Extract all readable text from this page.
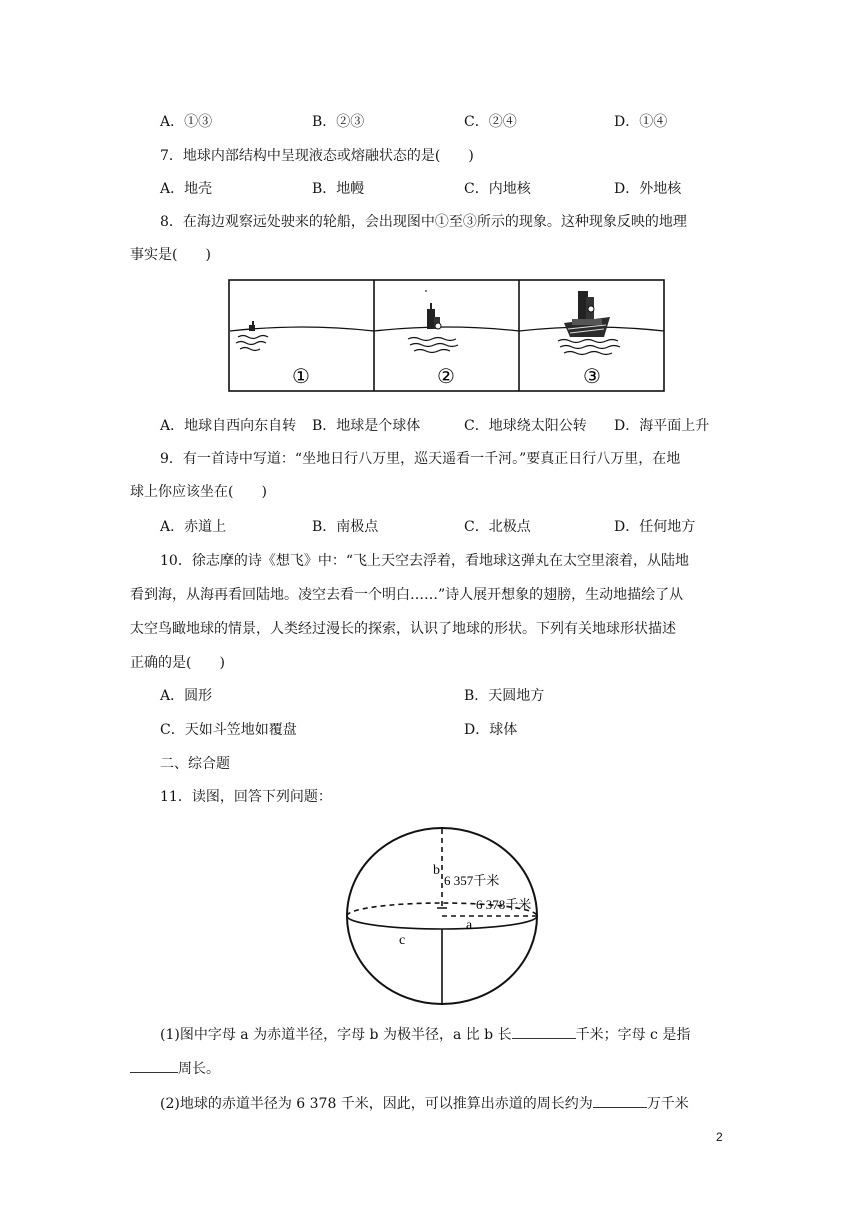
A．①③	B．②③	C．②④	D．①④
7．地球内部结构中呈现液态或熔融状态的是(　　)
A．地壳	B．地幔	C．内地核	D．外地核
8．在海边观察远处驶来的轮船，会出现图中①至③所示的现象。这种现象反映的地理
事实是(　　)
①	②	③
A．地球自西向东自转 B．地球是个球体	C．地球绕太阳公转 D．海平面上升
9．有一首诗中写道：“坐地日行八万里，巡天遥看一千河。”要真正日行八万里，在地
球上你应该坐在(　　)
A．赤道上	B．南极点	C．北极点	D．任何地方
10．徐志摩的诗《想飞》中：“飞上天空去浮着，看地球这弹丸在太空里滚着，从陆地
看到海，从海再看回陆地。凌空去看一个明白……”诗人展开想象的翅膀，生动地描绘了从
太空鸟瞰地球的情景，人类经过漫长的探索，认识了地球的形状。下列有关地球形状描述
正确的是(　　)
A．圆形	B．天圆地方
C．天如斗笠地如覆盘	D．球体
二、综合题
11．读图，回答下列问题：
b
6 357千米
6 378千米
a
c
(1)图中字母 a 为赤道半径，字母 b 为极半径，a 比 b 长	千米；字母 c 是指
周长。
(2)地球的赤道半径为 6 378 千米，因此，可以推算出赤道的周长约为	万千米
2
